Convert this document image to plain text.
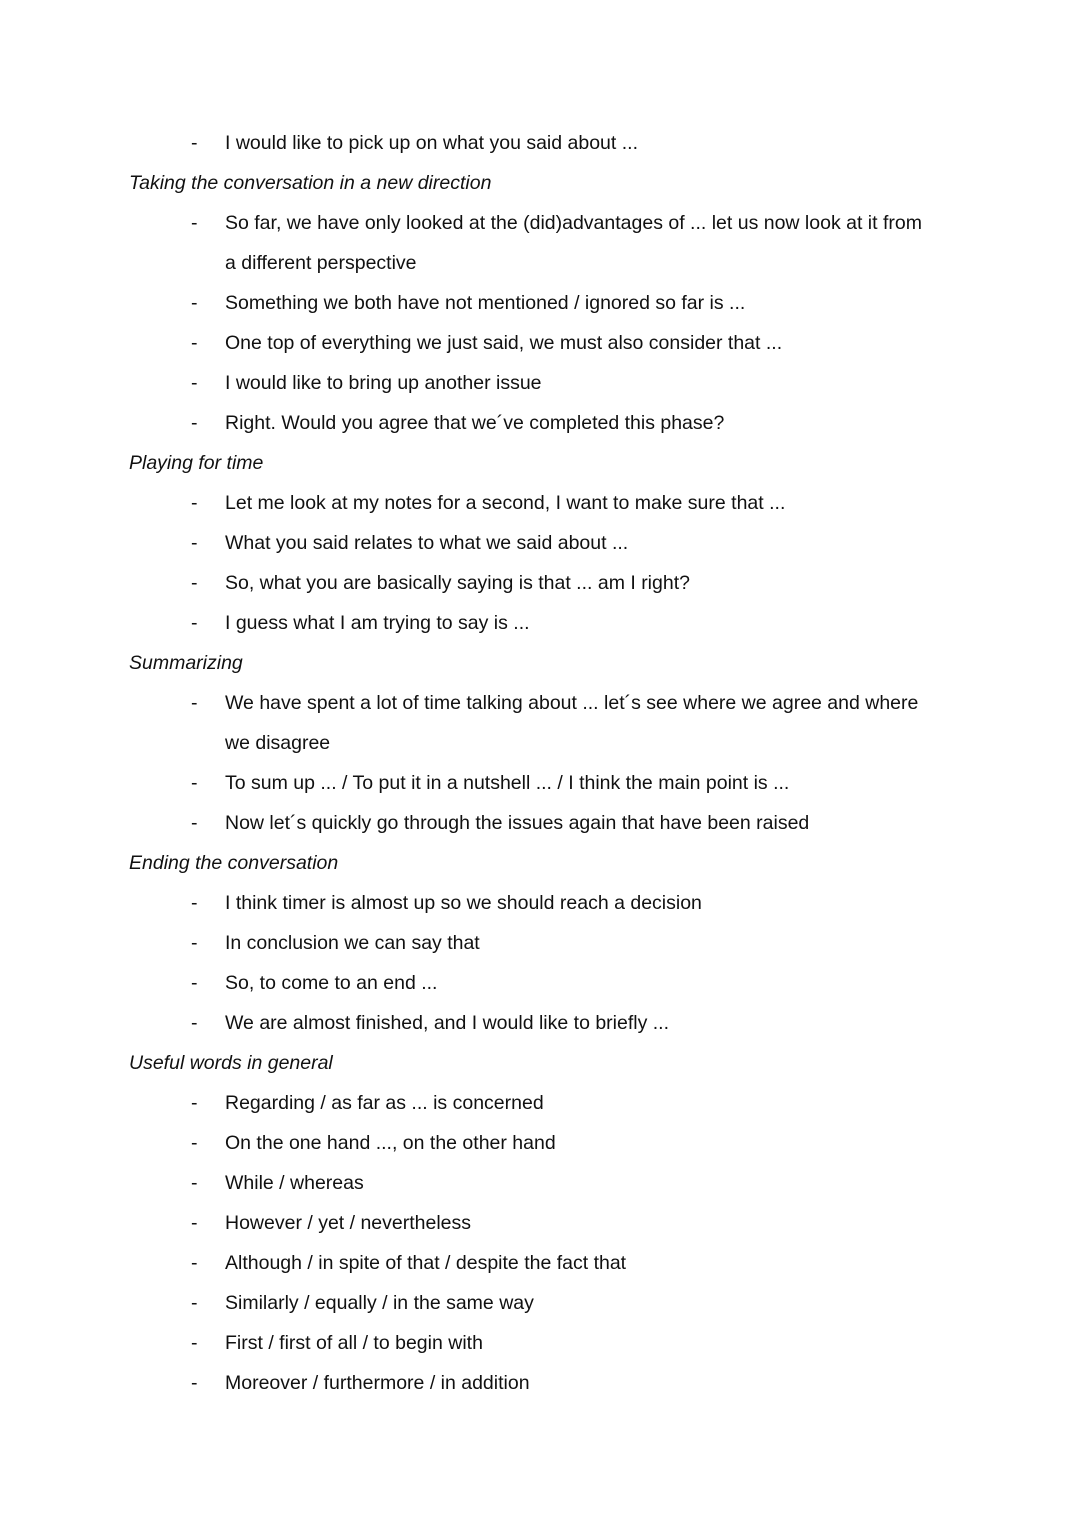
- I would like to pick up on what you said about ...
Taking the conversation in a new direction
- So far, we have only looked at the (did)advantages of ... let us now look at it from
a different perspective
- Something we both have not mentioned / ignored so far is ...
- One top of everything we just said, we must also consider that ...
- I would like to bring up another issue
- Right. Would you agree that we´ve completed this phase?
Playing for time
- Let me look at my notes for a second, I want to make sure that ...
- What you said relates to what we said about ...
- So, what you are basically saying is that ... am I right?
- I guess what I am trying to say is ...
Summarizing
- We have spent a lot of time talking about ... let´s see where we agree and where
we disagree
- To sum up ... / To put it in a nutshell ... / I think the main point is ...
- Now let´s quickly go through the issues again that have been raised
Ending the conversation
- I think timer is almost up so we should reach a decision
- In conclusion we can say that
- So, to come to an end ...
- We are almost finished, and I would like to briefly ...
Useful words in general
- Regarding / as far as ... is concerned
- On the one hand ..., on the other hand
- While / whereas
- However / yet / nevertheless
- Although / in spite of that / despite the fact that
- Similarly / equally / in the same way
- First / first of all / to begin with
- Moreover / furthermore / in addition
